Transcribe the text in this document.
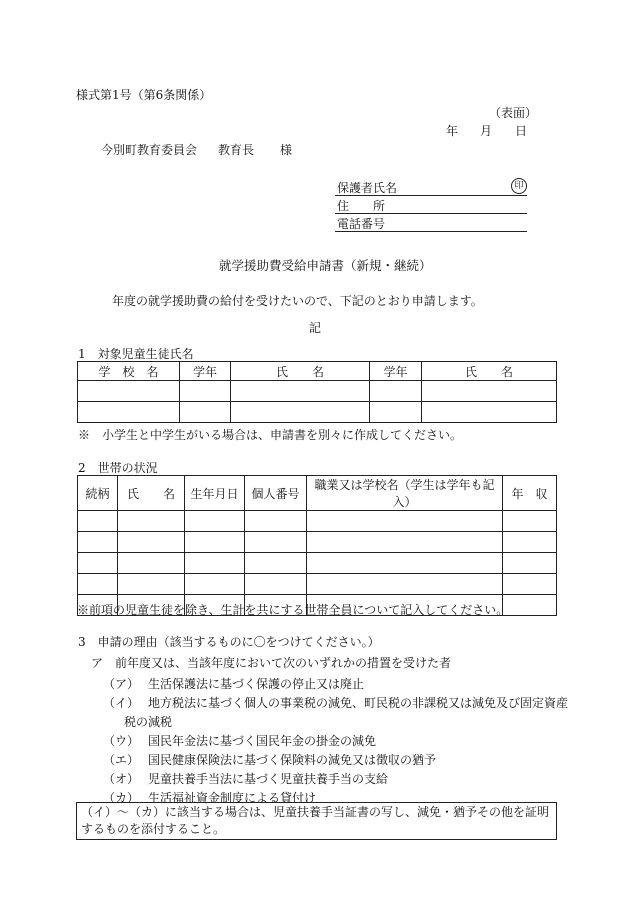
様式第1号（第6条関係）
（表面）
年 月 日
今別町教育委員会 教育長 様
保護者氏名	印
住　　所
電話番号
就学援助費受給申請書（新規・継続）
年度の就学援助費の給付を受けたいので、下記のとおり申請します。
記
1　対象児童生徒氏名
学　校　名	学年	氏　　名	学年	氏　　名

※　小学生と中学生がいる場合は、申請書を別々に作成してください。
2　世帯の状況
続柄	氏　　名	生年月日	個人番号	職業又は学校名（学生は学年も記入）	年　収

※前項の児童生徒を除き、生計を共にする世帯全員について記入してください。
3　申請の理由（該当するものに〇をつけてください。）
ア　前年度又は、当該年度において次のいずれかの措置を受けた者
（ア） 生活保護法に基づく保護の停止又は廃止
（イ） 地方税法に基づく個人の事業税の減免、町民税の非課税又は減免及び固定資産
税の減税
（ウ） 国民年金法に基づく国民年金の掛金の減免
（エ） 国民健康保険法に基づく保険料の減免又は徴収の猶予
（オ） 児童扶養手当法に基づく児童扶養手当の支給
（カ） 生活福祉資金制度による貸付け
（イ）～（カ）に該当する場合は、児童扶養手当証書の写し、減免・猶予その他を証明するものを添付すること。
